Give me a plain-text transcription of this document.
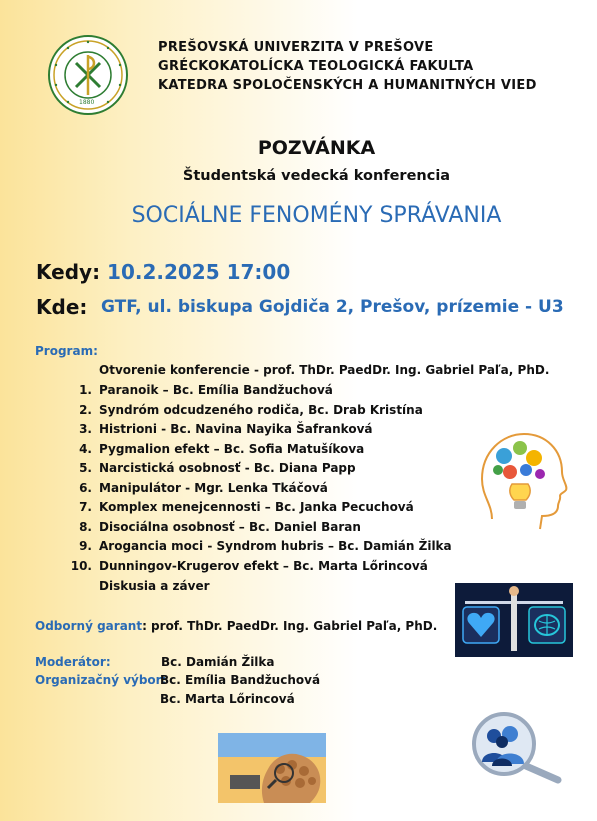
1880
PREŠOVSKÁ UNIVERZITA V PREŠOVE
GRÉCKOKATOLÍCKA TEOLOGICKÁ FAKULTA
KATEDRA SPOLOČENSKÝCH A HUMANITNÝCH VIED
POZVÁNKA
Študentská vedecká konferencia
SOCIÁLNE FENOMÉNY SPRÁVANIA
Kedy: 10.2.2025 17:00
Kde: GTF, ul. biskupa Gojdiča 2, Prešov, prízemie - U3
Program:
Otvorenie konferencie - prof. ThDr. PaedDr. Ing. Gabriel Paľa, PhD.
1. Paranoik – Bc. Emília Bandžuchová
2. Syndróm odcudzeného rodiča, Bc. Drab Kristína
3. Histrioni - Bc. Navina Nayika Šafranková
4. Pygmalion efekt – Bc. Sofia Matušíkova
5. Narcistická osobnosť - Bc. Diana Papp
6. Manipulátor - Mgr. Lenka Tkáčová
7. Komplex menejcennosti – Bc. Janka Pecuchová
8. Disociálna osobnosť – Bc. Daniel Baran
9. Arogancia moci - Syndrom hubris – Bc. Damián Žilka
10. Dunningov-Krugerov efekt – Bc. Marta Lőrincová
Diskusia a záver
Odborný garant: prof. ThDr. PaedDr. Ing. Gabriel Paľa, PhD.
Moderátor:	Bc. Damián Žilka
Organizačný výbor:
Bc. Emília Bandžuchová
Bc. Marta Lőrincová
